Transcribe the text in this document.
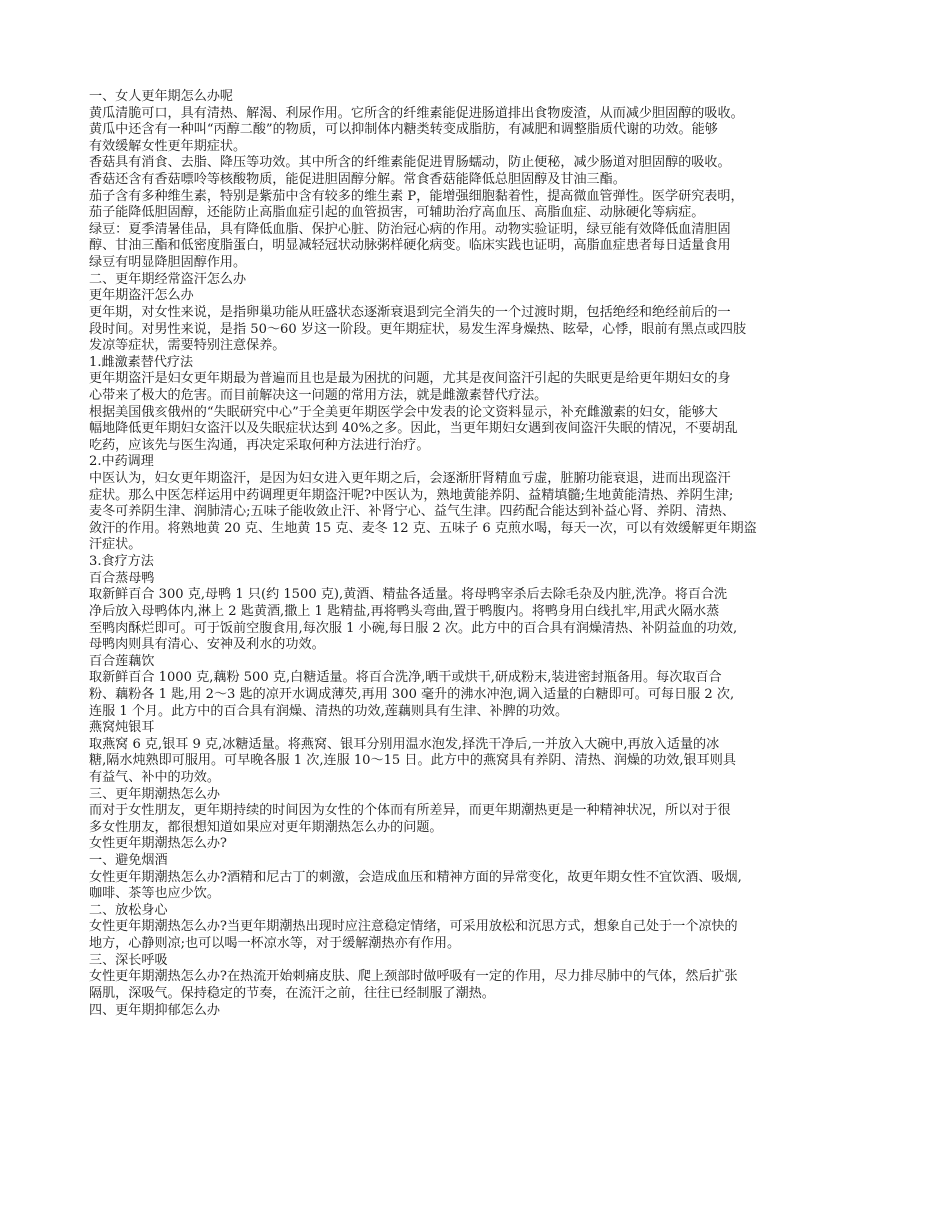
一、女人更年期怎么办呢
黄瓜清脆可口，具有清热、解渴、利尿作用。它所含的纤维素能促进肠道排出食物废渣，从而减少胆固醇的吸收。
黄瓜中还含有一种叫“丙醇二酸”的物质，可以抑制体内糖类转变成脂肪，有减肥和调整脂质代谢的功效。能够
有效缓解女性更年期症状。
香菇具有消食、去脂、降压等功效。其中所含的纤维素能促进胃肠蠕动，防止便秘，减少肠道对胆固醇的吸收。
香菇还含有香菇嘌呤等核酸物质，能促进胆固醇分解。常食香菇能降低总胆固醇及甘油三酯。
茄子含有多种维生素，特别是紫茄中含有较多的维生素 P，能增强细胞黏着性，提高微血管弹性。医学研究表明，
茄子能降低胆固醇，还能防止高脂血症引起的血管损害，可辅助治疗高血压、高脂血症、动脉硬化等病症。
绿豆：夏季清暑佳品，具有降低血脂、保护心脏、防治冠心病的作用。动物实验证明，绿豆能有效降低血清胆固
醇、甘油三酯和低密度脂蛋白，明显减轻冠状动脉粥样硬化病变。临床实践也证明，高脂血症患者每日适量食用
绿豆有明显降胆固醇作用。
二、更年期经常盗汗怎么办
更年期盗汗怎么办
更年期，对女性来说，是指卵巢功能从旺盛状态逐渐衰退到完全消失的一个过渡时期，包括绝经和绝经前后的一
段时间。对男性来说，是指 50～60 岁这一阶段。更年期症状，易发生浑身燥热、眩晕，心悸，眼前有黑点或四肢
发凉等症状，需要特别注意保养。
1.雌激素替代疗法
更年期盗汗是妇女更年期最为普遍而且也是最为困扰的问题，尤其是夜间盗汗引起的失眠更是给更年期妇女的身
心带来了极大的危害。而目前解决这一问题的常用方法，就是雌激素替代疗法。
根据美国俄亥俄州的“失眠研究中心”于全美更年期医学会中发表的论文资料显示，补充雌激素的妇女，能够大
幅地降低更年期妇女盗汗以及失眠症状达到 40%之多。因此，当更年期妇女遇到夜间盗汗失眠的情况，不要胡乱
吃药，应该先与医生沟通，再决定采取何种方法进行治疗。
2.中药调理
中医认为，妇女更年期盗汗，是因为妇女进入更年期之后，会逐渐肝肾精血亏虚，脏腑功能衰退，进而出现盗汗
症状。那么中医怎样运用中药调理更年期盗汗呢?中医认为，熟地黄能养阴、益精填髓;生地黄能清热、养阴生津;
麦冬可养阴生津、润肺清心;五味子能收敛止汗、补肾宁心、益气生津。四药配合能达到补益心肾、养阴、清热、
敛汗的作用。将熟地黄 20 克、生地黄 15 克、麦冬 12 克、五味子 6 克煎水喝，每天一次，可以有效缓解更年期盗
汗症状。
3.食疗方法
百合蒸母鸭
取新鲜百合 300 克,母鸭 1 只(约 1500 克),黄酒、精盐各适量。将母鸭宰杀后去除毛杂及内脏,洗净。将百合洗
净后放入母鸭体内,淋上 2 匙黄酒,撒上 1 匙精盐,再将鸭头弯曲,置于鸭腹内。将鸭身用白线扎牢,用武火隔水蒸
至鸭肉酥烂即可。可于饭前空腹食用,每次服 1 小碗,每日服 2 次。此方中的百合具有润燥清热、补阴益血的功效,
母鸭肉则具有清心、安神及利水的功效。
百合莲藕饮
取新鲜百合 1000 克,藕粉 500 克,白糖适量。将百合洗净,晒干或烘干,研成粉末,装进密封瓶备用。每次取百合
粉、藕粉各 1 匙,用 2～3 匙的凉开水调成薄芡,再用 300 毫升的沸水冲泡,调入适量的白糖即可。可每日服 2 次,
连服 1 个月。此方中的百合具有润燥、清热的功效,莲藕则具有生津、补脾的功效。
燕窝炖银耳
取燕窝 6 克,银耳 9 克,冰糖适量。将燕窝、银耳分别用温水泡发,择洗干净后,一并放入大碗中,再放入适量的冰
糖,隔水炖熟即可服用。可早晚各服 1 次,连服 10～15 日。此方中的燕窝具有养阴、清热、润燥的功效,银耳则具
有益气、补中的功效。
三、更年期潮热怎么办
而对于女性朋友，更年期持续的时间因为女性的个体而有所差异，而更年期潮热更是一种精神状况，所以对于很
多女性朋友，都很想知道如果应对更年期潮热怎么办的问题。
女性更年期潮热怎么办?
一、避免烟酒
女性更年期潮热怎么办?酒精和尼古丁的刺激，会造成血压和精神方面的异常变化，故更年期女性不宜饮酒、吸烟,
咖啡、茶等也应少饮。
二、放松身心
女性更年期潮热怎么办?当更年期潮热出现时应注意稳定情绪，可采用放松和沉思方式，想象自己处于一个凉快的
地方，心静则凉;也可以喝一杯凉水等，对于缓解潮热亦有作用。
三、深长呼吸
女性更年期潮热怎么办?在热流开始刺痛皮肤、爬上颈部时做呼吸有一定的作用，尽力排尽肺中的气体，然后扩张
隔肌，深吸气。保持稳定的节奏，在流汗之前，往往已经制服了潮热。
四、更年期抑郁怎么办
